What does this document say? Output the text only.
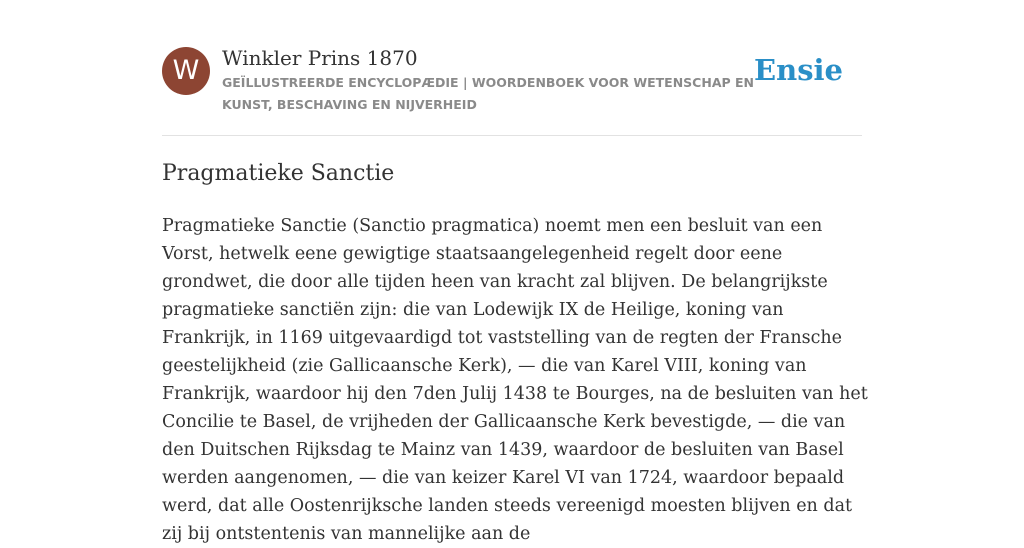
W	Winkler Prins 1870
GEÏLLUSTREERDE ENCYCLOPÆDIE | WOORDENBOEK VOOR WETENSCHAP EN KUNST, BESCHAVING EN NIJVERHEID
Ensie
Pragmatieke Sanctie

Pragmatieke Sanctie (Sanctio pragmatica) noemt men een besluit van een Vorst, hetwelk eene gewigtige staatsaangelegenheid regelt door eene grondwet, die door alle tijden heen van kracht zal blijven. De belangrijkste pragmatieke sanctiën zijn: die van Lodewijk IX de Heilige, koning van Frankrijk, in 1169 uitgevaardigd tot vaststelling van de regten der Fransche geestelijkheid (zie Gallicaansche Kerk), — die van Karel VIII, koning van Frankrijk, waardoor hij den 7den Julij 1438 te Bourges, na de besluiten van het Concilie te Basel, de vrijheden der Gallicaansche Kerk bevestigde, — die van den Duitschen Rijksdag te Mainz van 1439, waardoor de besluiten van Basel werden aangenomen, — die van keizer Karel VI van 1724, waardoor bepaald werd, dat alle Oostenrijksche landen steeds vereenigd moesten blijven en dat zij bij ontstentenis van mannelijke aan de
